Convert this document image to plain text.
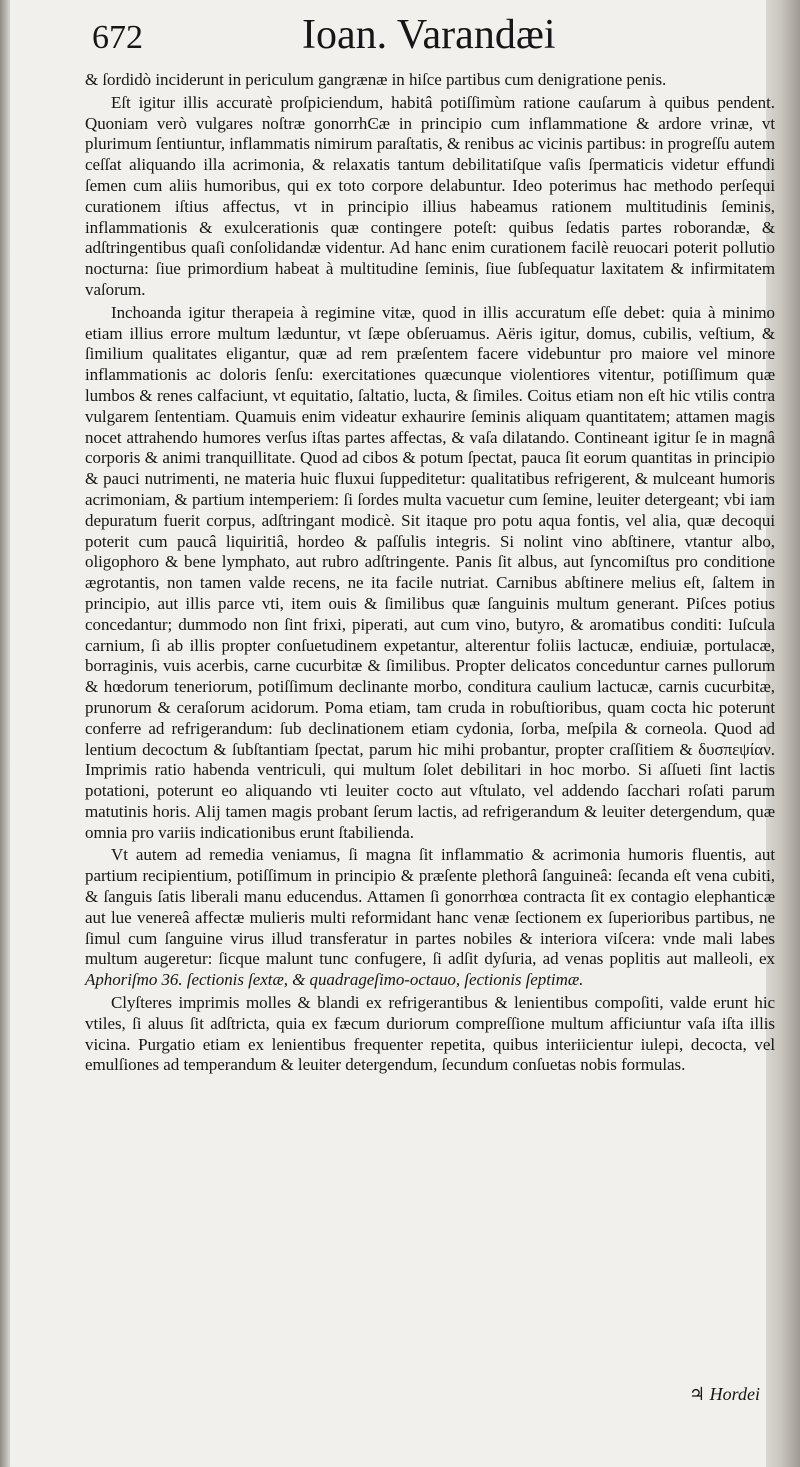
672	Ioan. Varandæi

& ſordidò inciderunt in periculum gangrænæ in hiſce partibus cum denigratione penis.

Eſt igitur illis accuratè proſpiciendum, habitâ potiſſimùm ratione cauſarum à quibus pendent. Quoniam verò vulgares noſtræ gonorrhϾæ in principio cum inflammatione & ardore vrinæ, vt plurimum ſentiuntur, inflammatis nimirum paraſtatis, & renibus ac vicinis partibus: in progreſſu autem ceſſat aliquando illa acrimonia, & relaxatis tantum debilitatiſque vaſis ſpermaticis videtur effundi ſemen cum aliis humoribus, qui ex toto corpore delabuntur. Ideo poterimus hac methodo perſequi curationem iſtius affectus, vt in principio illius habeamus rationem multitudinis ſeminis, inflammationis & exulcerationis quæ contingere poteſt: quibus ſedatis partes roborandæ, & adſtringentibus quaſi conſolidandæ videntur. Ad hanc enim curationem facilè reuocari poterit pollutio nocturna: ſiue primordium habeat à multitudine ſeminis, ſiue ſubſequatur laxitatem & infirmitatem vaſorum.

Inchoanda igitur therapeia à regimine vitæ, quod in illis accuratum eſſe debet: quia à minimo etiam illius errore multum læduntur, vt ſæpe obſeruamus. Aëris igitur, domus, cubilis, veſtium, & ſimilium qualitates eligantur, quæ ad rem præſentem facere videbuntur pro maiore vel minore inflammationis ac doloris ſenſu: exercitationes quæcunque violentiores vitentur, potiſſimum quæ lumbos & renes calfaciunt, vt equitatio, ſaltatio, lucta, & ſimiles. Coitus etiam non eſt hic vtilis contra vulgarem ſententiam. Quamuis enim videatur exhaurire ſeminis aliquam quantitatem; attamen magis nocet attrahendo humores verſus iſtas partes affectas, & vaſa dilatando. Contineant igitur ſe in magnâ corporis & animi tranquillitate. Quod ad cibos & potum ſpectat, pauca ſit eorum quantitas in principio & pauci nutrimenti, ne materia huic fluxui ſuppeditetur: qualitatibus refrigerent, & mulceant humoris acrimoniam, & partium intemperiem: ſi ſordes multa vacuetur cum ſemine, leuiter detergeant; vbi iam depuratum fuerit corpus, adſtringant modicè. Sit itaque pro potu aqua fontis, vel alia, quæ decoqui poterit cum paucâ liquiritiâ, hordeo & paſſulis integris. Si nolint vino abſtinere, vtantur albo, oligophoro & bene lymphato, aut rubro adſtringente. Panis ſit albus, aut ſyncomiſtus pro conditione ægrotantis, non tamen valde recens, ne ita facile nutriat. Carnibus abſtinere melius eſt, ſaltem in principio, aut illis parce vti, item ouis & ſimilibus quæ ſanguinis multum generant. Piſces potius concedantur; dummodo non ſint frixi, piperati, aut cum vino, butyro, & aromatibus conditi: Iuſcula carnium, ſi ab illis propter conſuetudinem expetantur, alterentur foliis lactucæ, endiuiæ, portulacæ, borraginis, vuis acerbis, carne cucurbitæ & ſimilibus. Propter delicatos conceduntur carnes pullorum & hœdorum teneriorum, potiſſimum declinante morbo, conditura caulium lactucæ, carnis cucurbitæ, prunorum & ceraſorum acidorum. Poma etiam, tam cruda in robuſtioribus, quam cocta hic poterunt conferre ad refrigerandum: ſub declinationem etiam cydonia, ſorba, meſpila & corneola. Quod ad lentium decoctum & ſubſtantiam ſpectat, parum hic mihi probantur, propter craſſitiem & δυσπεψίαν. Imprimis ratio habenda ventriculi, qui multum ſolet debilitari in hoc morbo. Si aſſueti ſint lactis potationi, poterunt eo aliquando vti leuiter cocto aut vſtulato, vel addendo ſacchari roſati parum matutinis horis. Alij tamen magis probant ſerum lactis, ad refrigerandum & leuiter detergendum, quæ omnia pro variis indicationibus erunt ſtabilienda.

Vt autem ad remedia veniamus, ſi magna ſit inflammatio & acrimonia humoris fluentis, aut partium recipientium, potiſſimum in principio & præſente plethorâ ſanguineâ: ſecanda eſt vena cubiti, & ſanguis ſatis liberali manu educendus. Attamen ſi gonorrhœa contracta ſit ex contagio elephanticæ aut lue venereâ affectæ mulieris multi reformidant hanc venæ ſectionem ex ſuperioribus partibus, ne ſimul cum ſanguine virus illud transferatur in partes nobiles & interiora viſcera: vnde mali labes multum augeretur: ſicque malunt tunc confugere, ſi adſit dyſuria, ad venas poplitis aut malleoli, ex Aphoriſmo 36. ſectionis ſextæ, & quadrageſimo-octauo, ſectionis ſeptimæ.

Clyſteres imprimis molles & blandi ex refrigerantibus & lenientibus compoſiti, valde erunt hic vtiles, ſi aluus ſit adſtricta, quia ex fæcum duriorum compreſſione multum afficiuntur vaſa iſta illis vicina. Purgatio etiam ex lenientibus frequenter repetita, quibus interiicientur iulepi, decocta, vel emulſiones ad temperandum & leuiter detergendum, ſecundum conſuetas nobis formulas.

♃ Hordei
